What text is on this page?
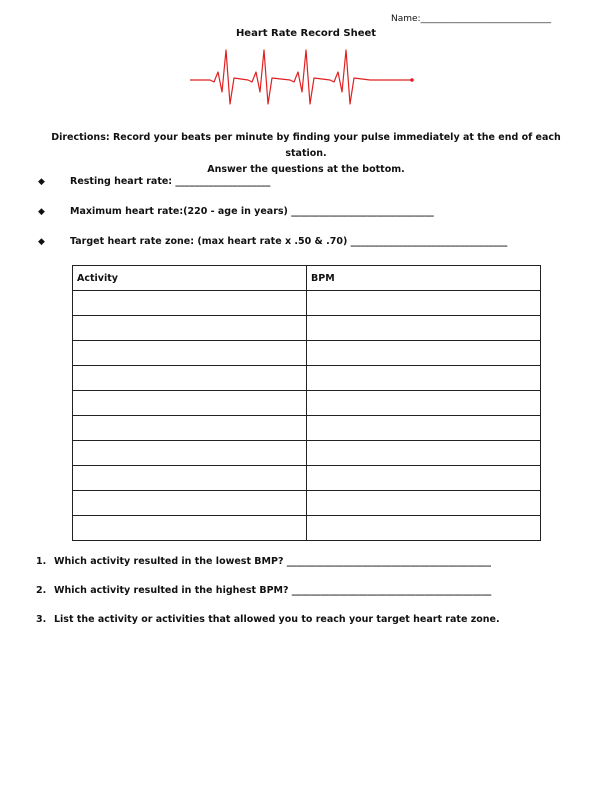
Name:_____________________________
Heart Rate Record Sheet
Directions: Record your beats per minute by finding your pulse immediately at the end of each station.
Answer the questions at the bottom.
◆	Resting heart rate: ____________________
◆	Maximum heart rate:(220 - age in years) ______________________________
◆	Target heart rate zone: (max heart rate x .50 & .70) _________________________________
Activity	BPM

1. Which activity resulted in the lowest BMP? ___________________________________________
2. Which activity resulted in the highest BPM? __________________________________________
3. List the activity or activities that allowed you to reach your target heart rate zone.
